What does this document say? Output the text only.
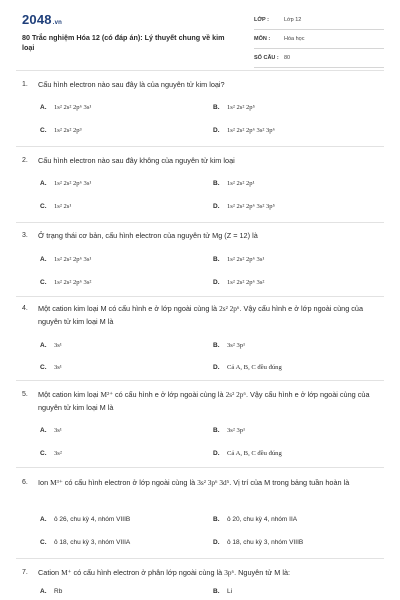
2048.vn
80 Trắc nghiệm Hóa 12 (có đáp án): Lý thuyết chung về kim loại
LỚP :	Lớp 12
MÔN :	Hóa học
SỐ CÂU : 80
1. Cấu hình electron nào sau đây là của nguyên tử kim loại?
A. 1s² 2s² 2p⁶ 3s¹	B. 1s² 2s² 2p⁵
C. 1s² 2s² 2p³	D. 1s² 2s² 2p⁶ 3s² 3p⁶
2. Cấu hình electron nào sau đây không của nguyên tử kim loại
A. 1s² 2s² 2p⁶ 3s¹	B. 1s² 2s² 2p¹
C. 1s² 2s¹	D. 1s² 2s² 2p⁶ 3s² 3p⁵
3. Ở trạng thái cơ bản, cấu hình electron của nguyên tử Mg (Z = 12) là
A. 1s² 2s² 2p⁶ 3s¹	B. 1s² 2s² 2p⁶ 3s¹
C. 1s² 2s² 2p⁶ 3s²	D. 1s² 2s² 2p⁶ 3s²
4. Một cation kim loại M có cấu hình e ở lớp ngoài cùng là 2s² 2p⁶. Vậy cấu hình e ở lớp ngoài cùng của nguyên tử kim loại M là
A. 3s¹	B. 3s² 3p¹
C. 3s¹	D. Cả A, B, C đều đúng
5. Một cation kim loại M²⁺ có cấu hình e ở lớp ngoài cùng là 2s² 2p⁶. Vậy cấu hình e ở lớp ngoài cùng của nguyên tử kim loại M là
A. 3s¹	B. 3s² 3p¹
C. 3s²	D. Cả A, B, C đều đúng
6. Ion M³⁺ có cấu hình electron ở lớp ngoài cùng là 3s² 3p⁶ 3d⁵. Vị trí của M trong bảng tuần hoàn là
A. ô 26, chu kỳ 4, nhóm VIIIB	B. ô 20, chu kỳ 4, nhóm IIA
C. ô 18, chu kỳ 3, nhóm VIIIA	D. ô 18, chu kỳ 3, nhóm VIIIB
7. Cation M⁺ có cấu hình electron ở phân lớp ngoài cùng là 3p⁶. Nguyên tử M là:
A. Rb	B. Li
